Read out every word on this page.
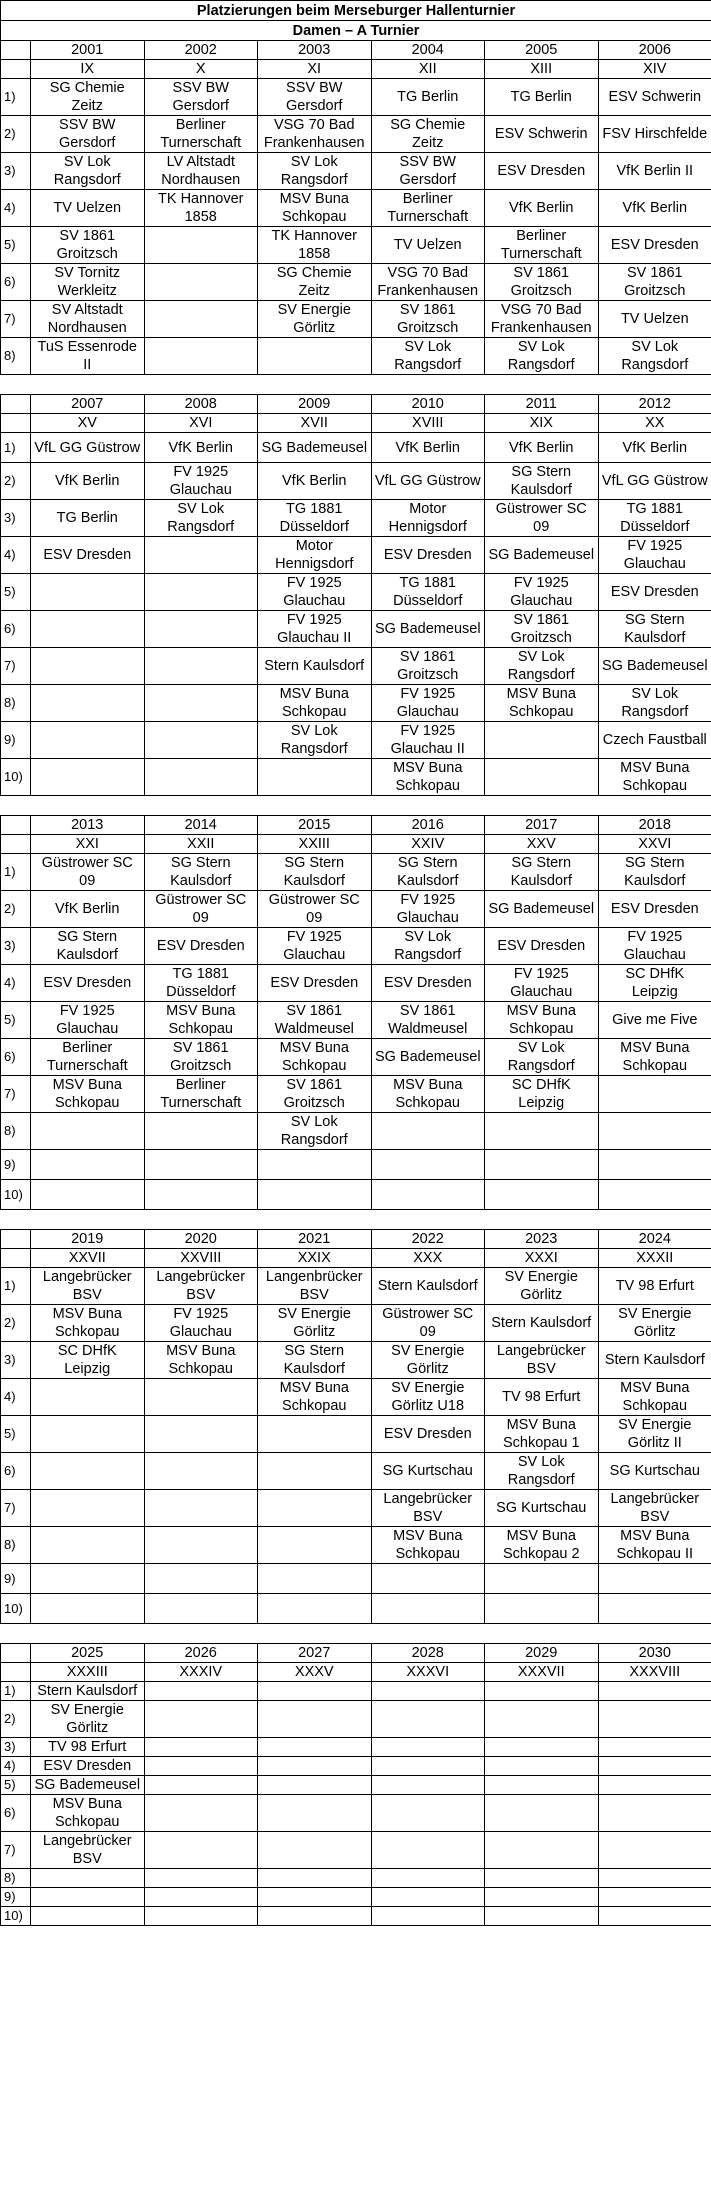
Platzierungen beim Merseburger Hallenturnier						
Damen – A Turnier						
	2001	2002	2003	2004	2005	2006
	IX	X	XI	XII	XIII	XIV
1)	SG Chemie Zeitz	SSV BW Gersdorf	SSV BW Gersdorf	TG Berlin	TG Berlin	ESV Schwerin
2)	SSV BW Gersdorf	Berliner Turnerschaft	VSG 70 Bad Frankenhausen	SG Chemie Zeitz	ESV Schwerin	FSV Hirschfelde
3)	SV Lok Rangsdorf	LV Altstadt Nordhausen	SV Lok Rangsdorf	SSV BW Gersdorf	ESV Dresden	VfK Berlin II
4)	TV Uelzen	TK Hannover 1858	MSV Buna Schkopau	Berliner Turnerschaft	VfK Berlin	VfK Berlin
5)	SV 1861 Groitzsch		TK Hannover 1858	TV Uelzen	Berliner Turnerschaft	ESV Dresden
6)	SV Tornitz Werkleitz		SG Chemie Zeitz	VSG 70 Bad Frankenhausen	SV 1861 Groitzsch	SV 1861 Groitzsch
7)	SV Altstadt Nordhausen		SV Energie Görlitz	SV 1861 Groitzsch	VSG 70 Bad Frankenhausen	TV Uelzen
8)	TuS Essenrode II			SV Lok Rangsdorf	SV Lok Rangsdorf	SV Lok Rangsdorf

	2007	2008	2009	2010	2011	2012
	XV	XVI	XVII	XVIII	XIX	XX
1)	VfL GG Güstrow	VfK Berlin	SG Bademeusel	VfK Berlin	VfK Berlin	VfK Berlin
2)	VfK Berlin	FV 1925 Glauchau	VfK Berlin	VfL GG Güstrow	SG Stern Kaulsdorf	VfL GG Güstrow
3)	TG Berlin	SV Lok Rangsdorf	TG 1881 Düsseldorf	Motor Hennigsdorf	Güstrower SC 09	TG 1881 Düsseldorf
4)	ESV Dresden		Motor Hennigsdorf	ESV Dresden	SG Bademeusel	FV 1925 Glauchau
5)			FV 1925 Glauchau	TG 1881 Düsseldorf	FV 1925 Glauchau	ESV Dresden
6)			FV 1925 Glauchau II	SG Bademeusel	SV 1861 Groitzsch	SG Stern Kaulsdorf
7)			Stern Kaulsdorf	SV 1861 Groitzsch	SV Lok Rangsdorf	SG Bademeusel
8)			MSV Buna Schkopau	FV 1925 Glauchau	MSV Buna Schkopau	SV Lok Rangsdorf
9)			SV Lok Rangsdorf	FV 1925 Glauchau II		Czech Faustball
10)				MSV Buna Schkopau		MSV Buna Schkopau

	2013	2014	2015	2016	2017	2018
	XXI	XXII	XXIII	XXIV	XXV	XXVI
1)	Güstrower SC 09	SG Stern Kaulsdorf	SG Stern Kaulsdorf	SG Stern Kaulsdorf	SG Stern Kaulsdorf	SG Stern Kaulsdorf
2)	VfK Berlin	Güstrower SC 09	Güstrower SC 09	FV 1925 Glauchau	SG Bademeusel	ESV Dresden
3)	SG Stern Kaulsdorf	ESV Dresden	FV 1925 Glauchau	SV Lok Rangsdorf	ESV Dresden	FV 1925 Glauchau
4)	ESV Dresden	TG 1881 Düsseldorf	ESV Dresden	ESV Dresden	FV 1925 Glauchau	SC DHfK Leipzig
5)	FV 1925 Glauchau	MSV Buna Schkopau	SV 1861 Waldmeusel	SV 1861 Waldmeusel	MSV Buna Schkopau	Give me Five
6)	Berliner Turnerschaft	SV 1861 Groitzsch	MSV Buna Schkopau	SG Bademeusel	SV Lok Rangsdorf	MSV Buna Schkopau
7)	MSV Buna Schkopau	Berliner Turnerschaft	SV 1861 Groitzsch	MSV Buna Schkopau	SC DHfK Leipzig	
8)			SV Lok Rangsdorf			
9)						
10)						

	2019	2020	2021	2022	2023	2024
	XXVII	XXVIII	XXIX	XXX	XXXI	XXXII
1)	Langebrücker BSV	Langebrücker BSV	Langenbrücker BSV	Stern Kaulsdorf	SV Energie Görlitz	TV 98 Erfurt
2)	MSV Buna Schkopau	FV 1925 Glauchau	SV Energie Görlitz	Güstrower SC 09	Stern Kaulsdorf	SV Energie Görlitz
3)	SC DHfK Leipzig	MSV Buna Schkopau	SG Stern Kaulsdorf	SV Energie Görlitz	Langebrücker BSV	Stern Kaulsdorf
4)			MSV Buna Schkopau	SV Energie Görlitz U18	TV 98 Erfurt	MSV Buna Schkopau
5)				ESV Dresden	MSV Buna Schkopau 1	SV Energie Görlitz II
6)				SG Kurtschau	SV Lok Rangsdorf	SG Kurtschau
7)				Langebrücker BSV	SG Kurtschau	Langebrücker BSV
8)				MSV Buna Schkopau	MSV Buna Schkopau 2	MSV Buna Schkopau II
9)						
10)						

	2025	2026	2027	2028	2029	2030
	XXXIII	XXXIV	XXXV	XXXVI	XXXVII	XXXVIII
1)	Stern Kaulsdorf					
2)	SV Energie Görlitz					
3)	TV 98 Erfurt					
4)	ESV Dresden					
5)	SG Bademeusel					
6)	MSV Buna Schkopau					
7)	Langebrücker BSV					
8)						
9)						
10)						
